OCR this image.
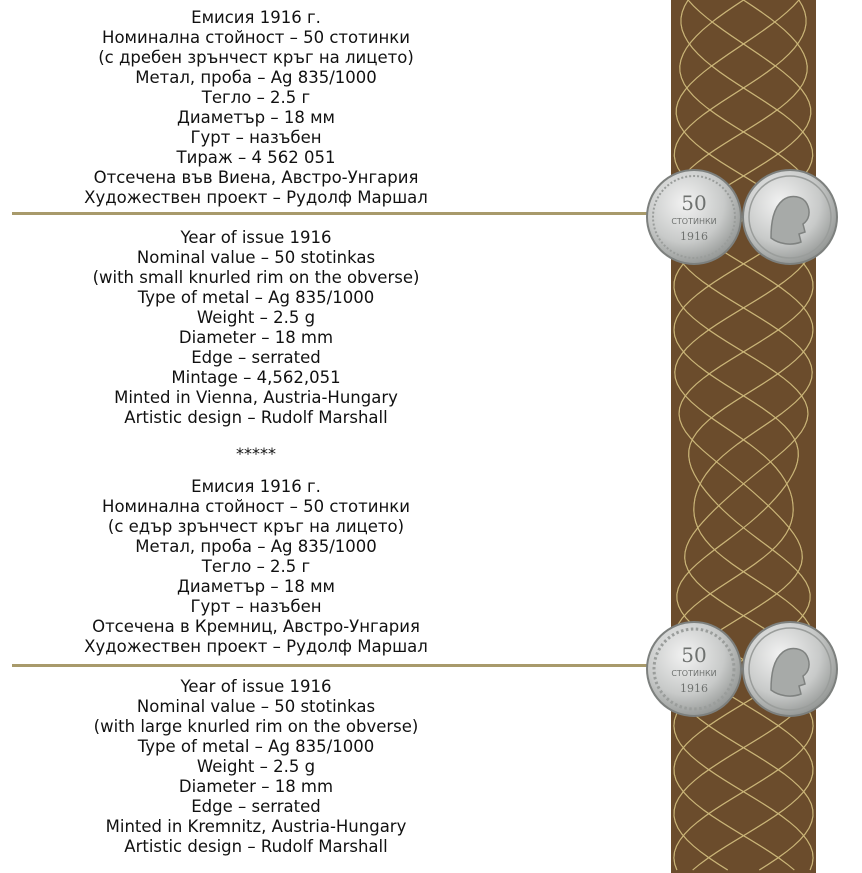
Емисия 1916 г.
Номинална стойност – 50 стотинки
(с дребен зрънчест кръг на лицето)
Метал, проба – Ag 835/1000
Тегло – 2.5 г
Диаметър – 18 мм
Гурт – назъбен
Тираж – 4 562 051
Отсечена във Виена, Австро-Унгария
Художествен проект – Рудолф Маршал
Year of issue 1916
Nominal value – 50 stotinkas
(with small knurled rim on the obverse)
Type of metal – Ag 835/1000
Weight – 2.5 g
Diameter – 18 mm
Edge – serrated
Mintage – 4,562,051
Minted in Vienna, Austria-Hungary
Artistic design – Rudolf Marshall
*****
Емисия 1916 г.
Номинална стойност – 50 стотинки
(с едър зрънчест кръг на лицето)
Метал, проба – Ag 835/1000
Тегло – 2.5 г
Диаметър – 18 мм
Гурт – назъбен
Отсечена в Кремниц, Австро-Унгария
Художествен проект – Рудолф Маршал
Year of issue 1916
Nominal value – 50 stotinkas
(with large knurled rim on the obverse)
Type of metal – Ag 835/1000
Weight – 2.5 g
Diameter – 18 mm
Edge – serrated
Minted in Kremnitz, Austria-Hungary
Artistic design – Rudolf Marshall
50
СТОТИНКИ
1916
50
СТОТИНКИ
1916
